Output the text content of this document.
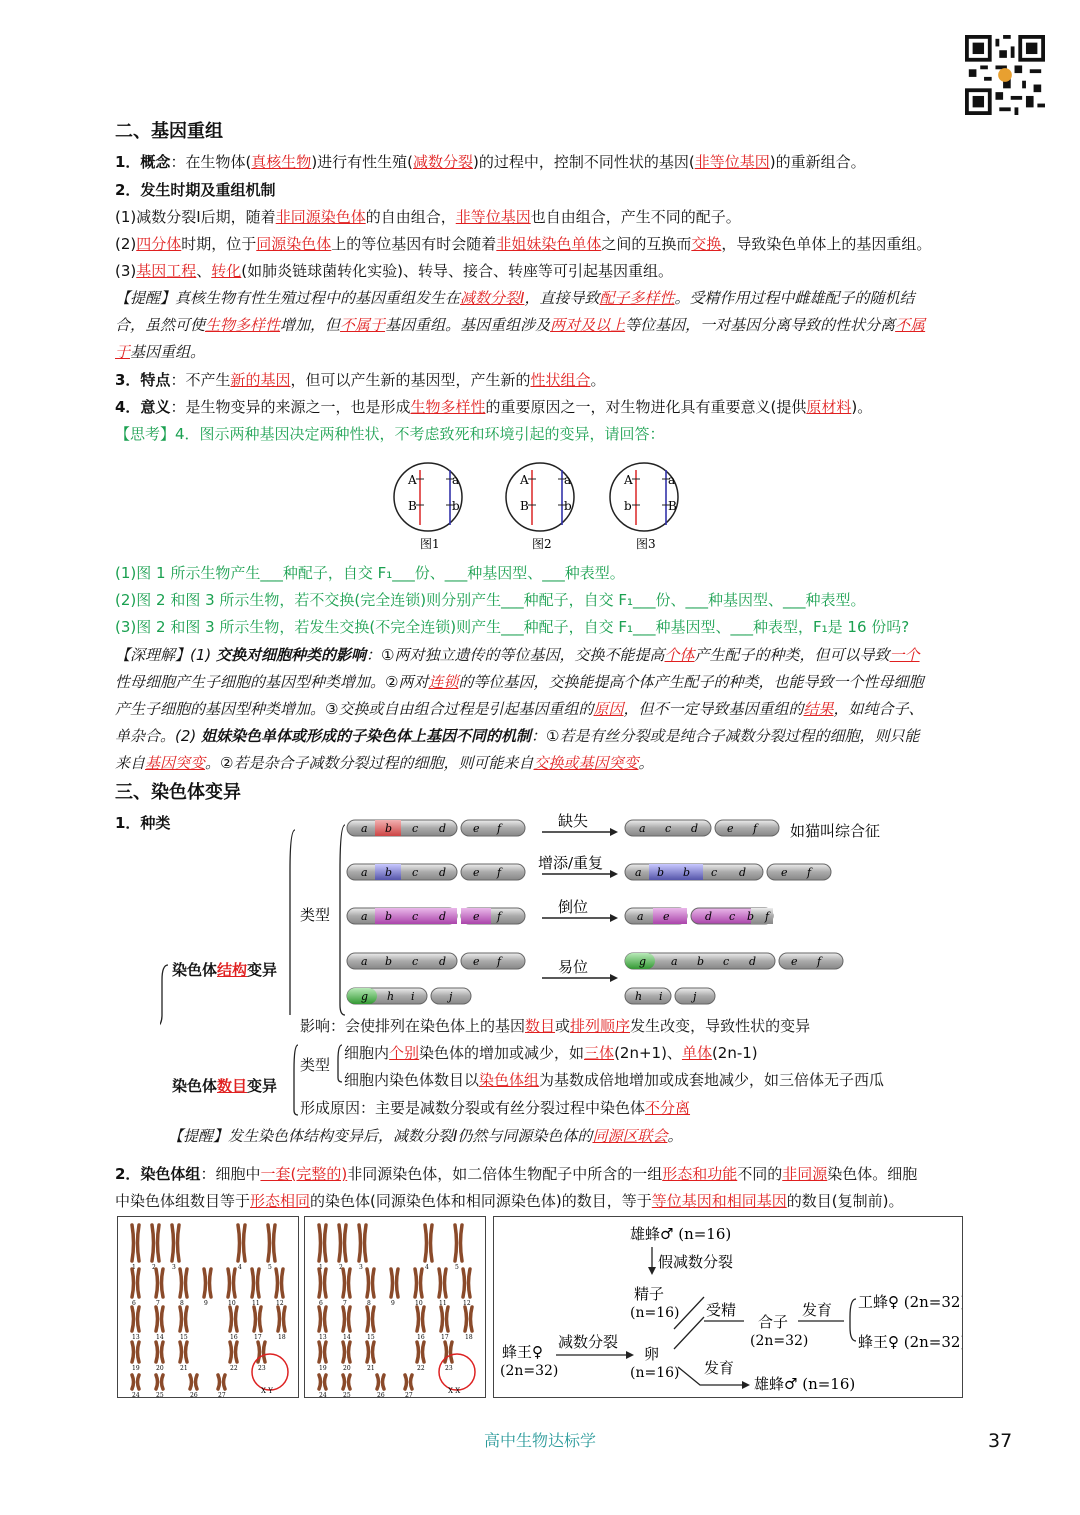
二、基因重组
1．概念：在生物体(真核生物)进行有性生殖(减数分裂)的过程中，控制不同性状的基因(非等位基因)的重新组合。
2．发生时期及重组机制
(1)减数分裂Ⅰ后期，随着非同源染色体的自由组合，非等位基因也自由组合，产生不同的配子。
(2)四分体时期，位于同源染色体上的等位基因有时会随着非姐妹染色单体之间的互换而交换，导致染色单体上的基因重组。
(3)基因工程、转化(如肺炎链球菌转化实验)、转导、接合、转座等可引起基因重组。
【提醒】真核生物有性生殖过程中的基因重组发生在减数分裂Ⅰ，直接导致配子多样性。受精作用过程中雌雄配子的随机结
合，虽然可使生物多样性增加，但不属于基因重组。基因重组涉及两对及以上等位基因，一对基因分离导致的性状分离不属
于基因重组。
3．特点：不产生新的基因，但可以产生新的基因型，产生新的性状组合。
4．意义：是生物变异的来源之一，也是形成生物多样性的重要原因之一，对生物进化具有重要意义(提供原材料)。
【思考】4．图示两种基因决定两种性状，不考虑致死和环境引起的变异，请回答：
A
B
a
b
图1
A
B
a
b
图2
A
b
a
B
图3
(1)图 1 所示生物产生___种配子，自交 F₁___份、___种基因型、___种表型。
(2)图 2 和图 3 所示生物，若不交换(完全连锁)则分别产生___种配子，自交 F₁___份、___种基因型、___种表型。
(3)图 2 和图 3 所示生物，若发生交换(不完全连锁)则产生___种配子，自交 F₁___种基因型、___种表型，F₁是 16 份吗?
【深理解】(1) 交换对细胞种类的影响：①两对独立遗传的等位基因，交换不能提高个体产生配子的种类，但可以导致一个
性母细胞产生子细胞的基因型种类增加。②两对连锁的等位基因，交换能提高个体产生配子的种类，也能导致一个性母细胞
产生子细胞的基因型种类增加。③交换或自由组合过程是引起基因重组的原因，但不一定导致基因重组的结果，如纯合子、
单杂合。(2) 姐妹染色单体或形成的子染色体上基因不同的机制：①若是有丝分裂或是纯合子减数分裂过程的细胞，则只能
来自基因突变。②若是杂合子减数分裂过程的细胞，则可能来自交换或基因突变。
三、染色体变异
1．种类
类型
a b c d e f	缺失	a c d	e f 如猫叫综合征
a b c d e f
增添/重复
a b b c d	e f
a b c d e f
倒位
a e	d c b f
a b c d e f
g h i	j
易位	g a b c d	e f
h i	j
染色体结构变异
影响：会使排列在染色体上的基因数目或排列顺序发生改变，导致性状的变异
染色体数目变异
类型
细胞内个别染色体的增加或减少，如三体(2n+1)、单体(2n-1)
细胞内染色体数目以染色体组为基数成倍地增加或成套地减少，如三倍体无子西瓜
形成原因：主要是减数分裂或有丝分裂过程中染色体不分离
【提醒】发生染色体结构变异后，减数分裂Ⅰ仍然与同源染色体的同源区联会。
2．染色体组：细胞中一套(完整的)非同源染色体，如二倍体生物配子中所含的一组形态和功能不同的非同源染色体。细胞
中染色体组数目等于形态相同的染色体(同源染色体和相同源染色体)的数目，等于等位基因和相同基因的数目(复制前)。
1	2	3	4	5
6	7	8	9	10	11	12
13	14	15	16	17	18
19	20	21	22	23
24	25	26	27
X Y
1	2	3	4	5
6	7	8	9	10	11	12
13	14	15	16	17	18
19	20	21	22	23
24	25	26	27
X X
雄蜂♂ (n=16)
假减数分裂
精子
(n=16) 受精
合子
(2n=32)
发育 工蜂♀ (2n=32)
蜂王♀ (2n=32)
蜂王♀
(2n=32)
减数分裂
卵
(n=16) 发育
雄蜂♂ (n=16)
高中生物达标学	37
